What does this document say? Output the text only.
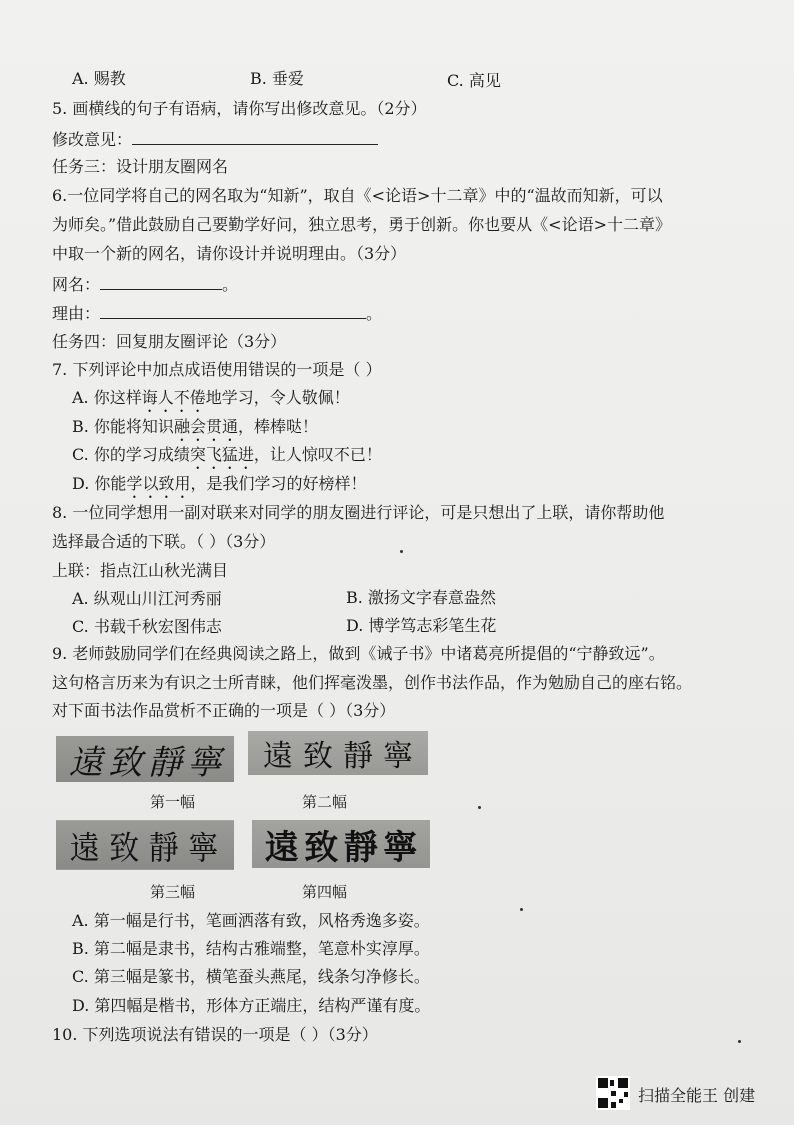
A. 赐教	B. 垂爱	C. 高见
5. 画横线的句子有语病，请你写出修改意见。（2分）
修改意见：
任务三：设计朋友圈网名
6.一位同学将自己的网名取为“知新”，取自《<论语>十二章》中的“温故而知新，可以
为师矣。”借此鼓励自己要勤学好问，独立思考，勇于创新。你也要从《<论语>十二章》
中取一个新的网名，请你设计并说明理由。（3分）
网名：	。
理由：	。
任务四：回复朋友圈评论（3分）
7. 下列评论中加点成语使用错误的一项是（ ）
A. 你这样诲人不倦地学习，令人敬佩！
B. 你能将知识融会贯通，棒棒哒！
C. 你的学习成绩突飞猛进，让人惊叹不已！
D. 你能学以致用，是我们学习的好榜样！
8. 一位同学想用一副对联来对同学的朋友圈进行评论，可是只想出了上联，请你帮助他
选择最合适的下联。（ ）（3分）
上联：指点江山秋光满目
A. 纵观山川江河秀丽	B. 激扬文字春意盎然
C. 书载千秋宏图伟志	D. 博学笃志彩笔生花
9. 老师鼓励同学们在经典阅读之路上，做到《诫子书》中诸葛亮所提倡的“宁静致远”。
这句格言历来为有识之士所青睐，他们挥毫泼墨，创作书法作品，作为勉励自己的座右铭。
对下面书法作品赏析不正确的一项是（ ）（3分）
遠 致 靜 寧 遠 致 靜 寧
第一幅	第二幅
遠 致 靜 寧 遠 致 靜 寧
第三幅	第四幅
A. 第一幅是行书，笔画洒落有致，风格秀逸多姿。
B. 第二幅是隶书，结构古雅端整，笔意朴实淳厚。
C. 第三幅是篆书，横笔蚕头燕尾，线条匀净修长。
D. 第四幅是楷书，形体方正端庄，结构严谨有度。
10. 下列选项说法有错误的一项是（ ）（3分）
扫描全能王 创建
